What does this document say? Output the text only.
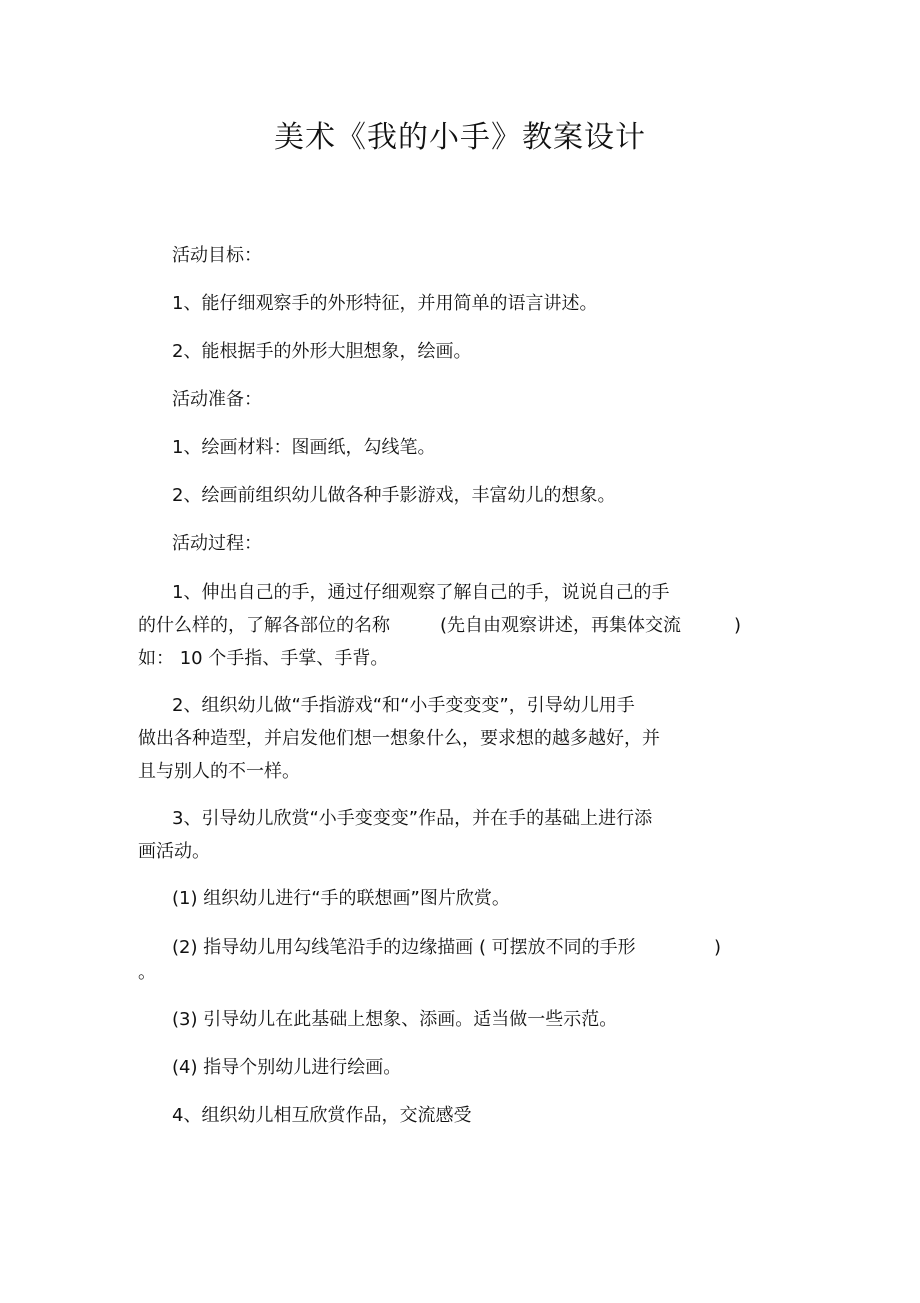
美术《我的小手》教案设计

活动目标：

1、能仔细观察手的外形特征，并用简单的语言讲述。

2、能根据手的外形大胆想象，绘画。

活动准备：

1、绘画材料：图画纸，勾线笔。

2、绘画前组织幼儿做各种手影游戏，丰富幼儿的想象。

活动过程：

1、伸出自己的手，通过仔细观察了解自己的手，说说自己的手

的什么样的，了解各部位的名称	(先自由观察讲述，再集体交流	)

如： 10 个手指、手掌、手背。

2、组织幼儿做“手指游戏“和“小手变变变”，引导幼儿用手

做出各种造型，并启发他们想一想象什么，要求想的越多越好，并

且与别人的不一样。

3、引导幼儿欣赏“小手变变变”作品，并在手的基础上进行添

画活动。

(1) 组织幼儿进行“手的联想画”图片欣赏。

(2) 指导幼儿用勾线笔沿手的边缘描画 ( 可摆放不同的手形	)

。

(3) 引导幼儿在此基础上想象、添画。适当做一些示范。

(4) 指导个别幼儿进行绘画。

4、组织幼儿相互欣赏作品，交流感受
